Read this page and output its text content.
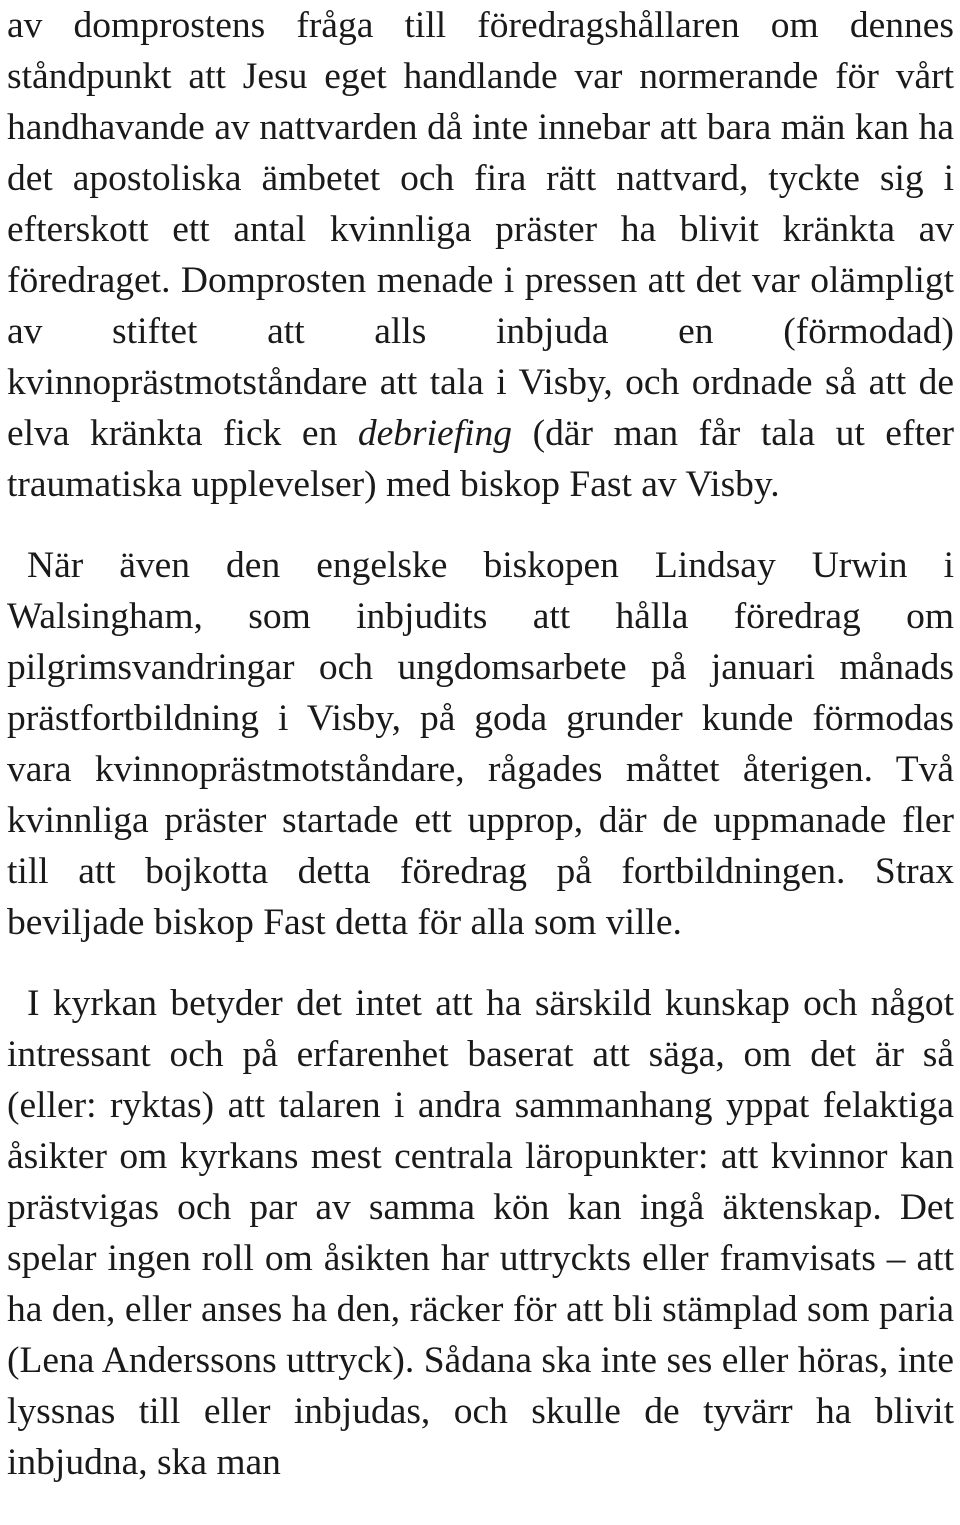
av domprostens fråga till föredragshållaren om dennes ståndpunkt att Jesu eget handlande var normerande för vårt handhavande av nattvarden då inte innebar att bara män kan ha det apostoliska ämbetet och fira rätt nattvard, tyckte sig i efterskott ett antal kvinnliga präster ha blivit kränkta av föredraget. Domprosten menade i pressen att det var olämpligt av stiftet att alls inbjuda en (förmodad) kvinnoprästmotståndare att tala i Visby, och ordnade så att de elva kränkta fick en debriefing (där man får tala ut efter traumatiska upplevelser) med biskop Fast av Visby.

När även den engelske biskopen Lindsay Urwin i Walsingham, som inbjudits att hålla föredrag om pilgrimsvandringar och ungdomsarbete på januari månads prästfortbildning i Visby, på goda grunder kunde förmodas vara kvinnoprästmotståndare, rågades måttet återigen. Två kvinnliga präster startade ett upprop, där de uppmanade fler till att bojkotta detta föredrag på fortbildningen. Strax beviljade biskop Fast detta för alla som ville.

I kyrkan betyder det intet att ha särskild kunskap och något intressant och på erfarenhet baserat att säga, om det är så (eller: ryktas) att talaren i andra sammanhang yppat felaktiga åsikter om kyrkans mest centrala läropunkter: att kvinnor kan prästvigas och par av samma kön kan ingå äktenskap. Det spelar ingen roll om åsikten har uttryckts eller framvisats – att ha den, eller anses ha den, räcker för att bli stämplad som paria (Lena Anderssons uttryck). Sådana ska inte ses eller höras, inte lyssnas till eller inbjudas, och skulle de tyvärr ha blivit inbjudna, ska man
